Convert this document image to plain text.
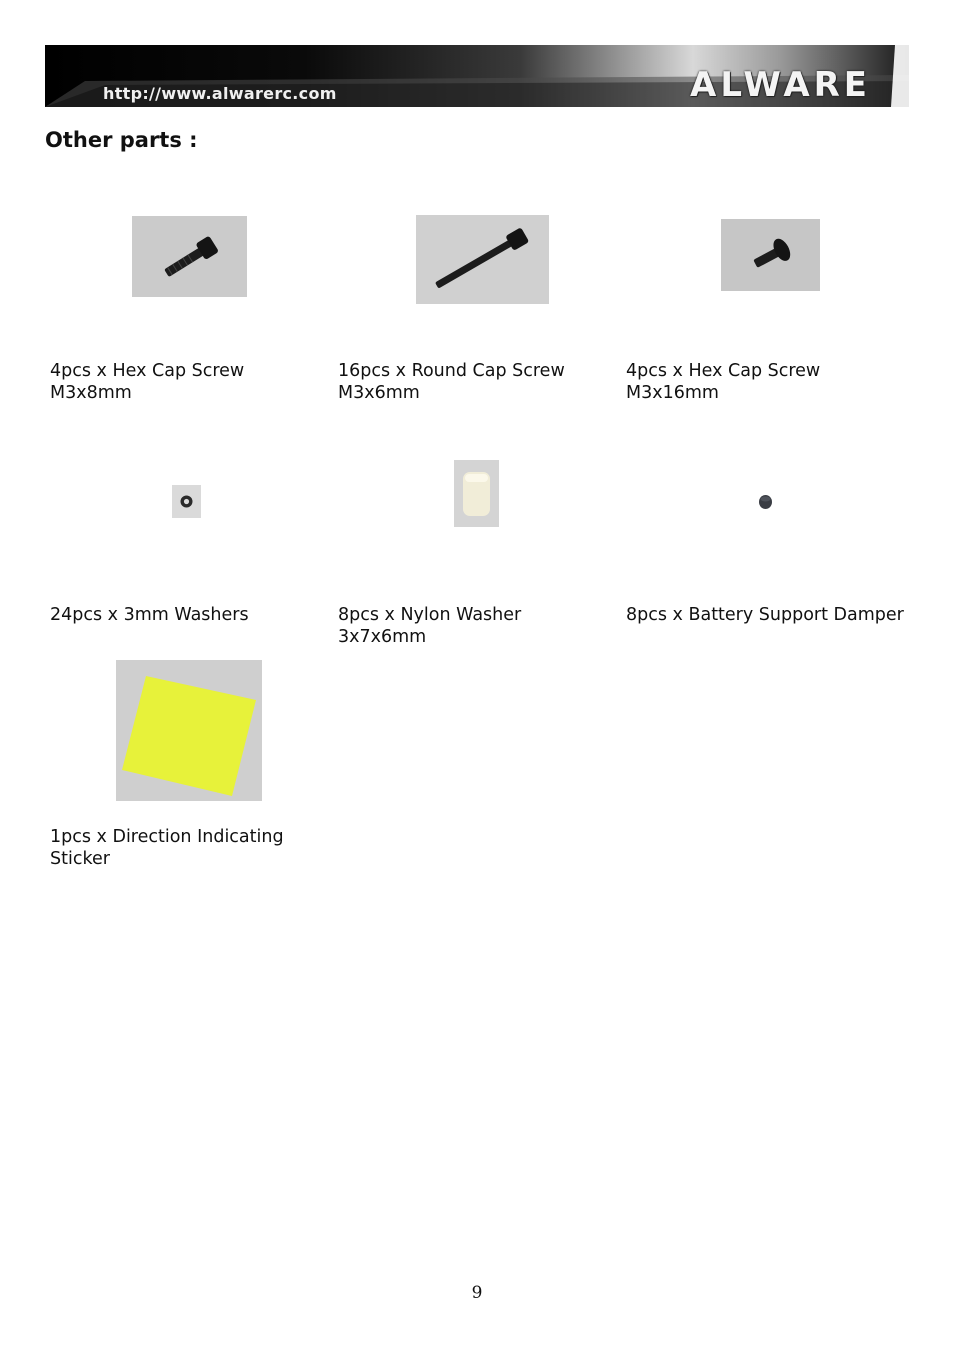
http://www.alwarerc.com	ALWARE
Other parts :
4pcs x Hex Cap Screw M3x8mm
16pcs x Round Cap Screw M3x6mm
4pcs x Hex Cap Screw M3x16mm
24pcs x 3mm Washers	8pcs x Nylon Washer 3x7x6mm
8pcs x Battery Support Damper
1pcs x Direction Indicating Sticker
9
